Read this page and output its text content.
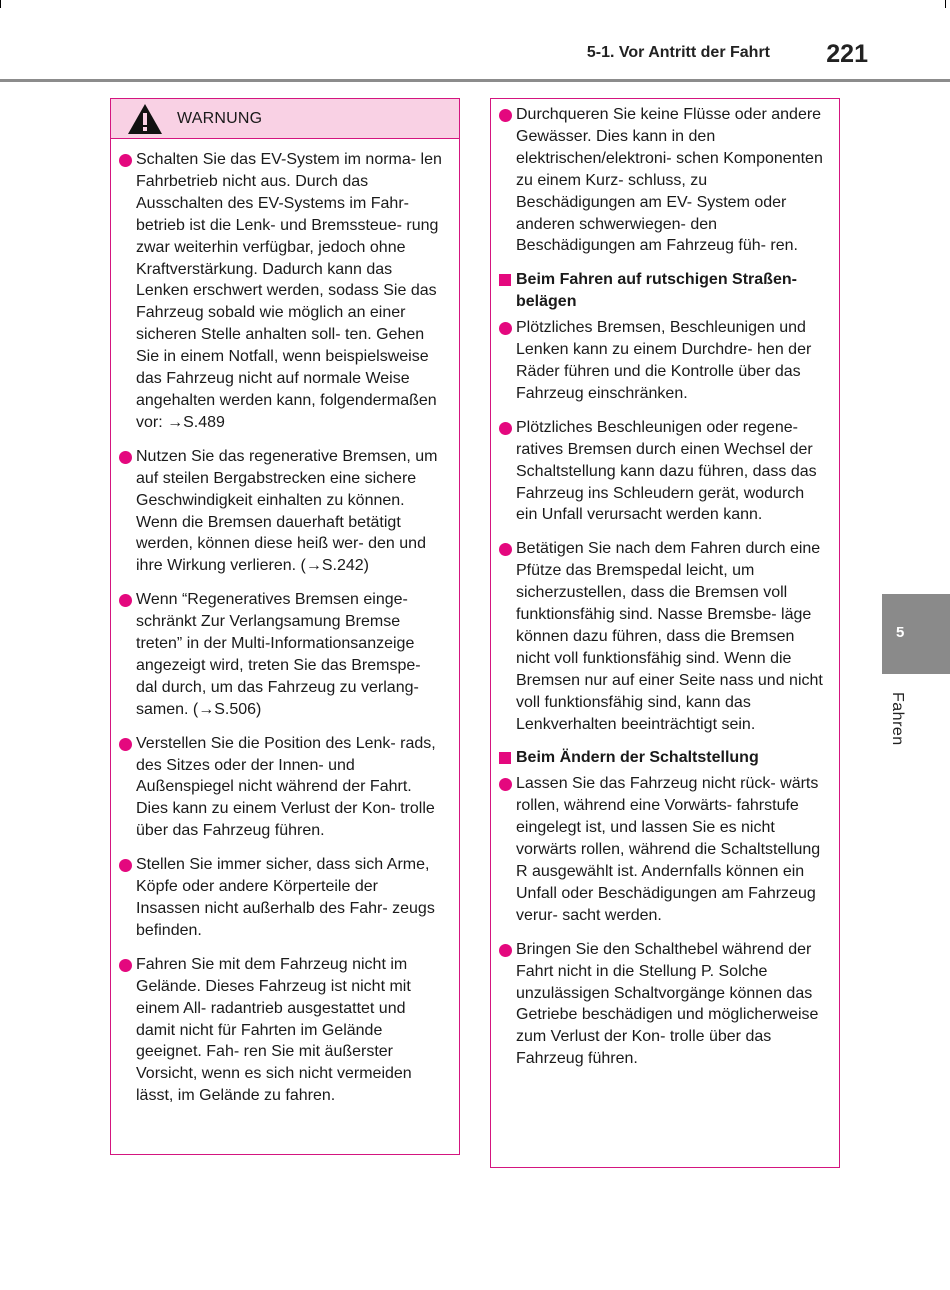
5-1. Vor Antritt der Fahrt 221
WARNUNG

Schalten Sie das EV-System im norma- len Fahrbetrieb nicht aus. Durch das Ausschalten des EV-Systems im Fahr- betrieb ist die Lenk- und Bremssteue- rung zwar weiterhin verfügbar, jedoch ohne Kraftverstärkung. Dadurch kann das Lenken erschwert werden, sodass Sie das Fahrzeug sobald wie möglich an einer sicheren Stelle anhalten soll- ten. Gehen Sie in einem Notfall, wenn beispielsweise das Fahrzeug nicht auf normale Weise angehalten werden kann, folgendermaßen vor: →S.489

Nutzen Sie das regenerative Bremsen, um auf steilen Bergabstrecken eine sichere Geschwindigkeit einhalten zu können. Wenn die Bremsen dauerhaft betätigt werden, können diese heiß wer- den und ihre Wirkung verlieren. (→S.242)

Wenn “Regeneratives Bremsen einge- schränkt Zur Verlangsamung Bremse treten” in der Multi-Informationsanzeige angezeigt wird, treten Sie das Bremspe- dal durch, um das Fahrzeug zu verlang- samen. (→S.506)

Verstellen Sie die Position des Lenk- rads, des Sitzes oder der Innen- und Außenspiegel nicht während der Fahrt. Dies kann zu einem Verlust der Kon- trolle über das Fahrzeug führen.

Stellen Sie immer sicher, dass sich Arme, Köpfe oder andere Körperteile der Insassen nicht außerhalb des Fahr- zeugs befinden.

Fahren Sie mit dem Fahrzeug nicht im Gelände. Dieses Fahrzeug ist nicht mit einem All- radantrieb ausgestattet und damit nicht für Fahrten im Gelände geeignet. Fah- ren Sie mit äußerster Vorsicht, wenn es sich nicht vermeiden lässt, im Gelände zu fahren.

Durchqueren Sie keine Flüsse oder andere Gewässer. Dies kann in den elektrischen/elektroni- schen Komponenten zu einem Kurz- schluss, zu Beschädigungen am EV- System oder anderen schwerwiegen- den Beschädigungen am Fahrzeug füh- ren.

Beim Fahren auf rutschigen Straßen- belägen

Plötzliches Bremsen, Beschleunigen und Lenken kann zu einem Durchdre- hen der Räder führen und die Kontrolle über das Fahrzeug einschränken.

Plötzliches Beschleunigen oder regene- ratives Bremsen durch einen Wechsel der Schaltstellung kann dazu führen, dass das Fahrzeug ins Schleudern gerät, wodurch ein Unfall verursacht werden kann.

Betätigen Sie nach dem Fahren durch eine Pfütze das Bremspedal leicht, um sicherzustellen, dass die Bremsen voll funktionsfähig sind. Nasse Bremsbe- läge können dazu führen, dass die Bremsen nicht voll funktionsfähig sind. Wenn die Bremsen nur auf einer Seite nass und nicht voll funktionsfähig sind, kann das Lenkverhalten beeinträchtigt sein.

Beim Ändern der Schaltstellung

Lassen Sie das Fahrzeug nicht rück- wärts rollen, während eine Vorwärts- fahrstufe eingelegt ist, und lassen Sie es nicht vorwärts rollen, während die Schaltstellung R ausgewählt ist. Andernfalls können ein Unfall oder Beschädigungen am Fahrzeug verur- sacht werden.

Bringen Sie den Schalthebel während der Fahrt nicht in die Stellung P. Solche unzulässigen Schaltvorgänge können das Getriebe beschädigen und möglicherweise zum Verlust der Kon- trolle über das Fahrzeug führen.

5
Fahren
